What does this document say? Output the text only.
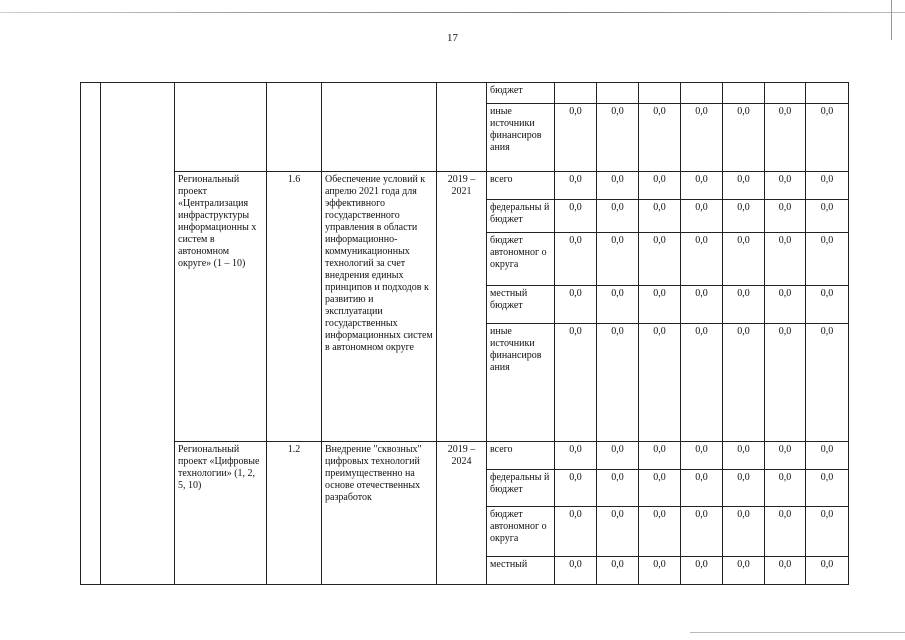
17
						бюджет							
						иные источники финансиров ания	0,0	0,0	0,0	0,0	0,0	0,0	0,0
		Региональный проект «Централизация инфраструктуры информационны х систем в автономном округе» (1 – 10)	1.6	Обеспечение условий к апрелю 2021 года для эффективного государственного управления в области информационно-коммуникационных технологий за счет внедрения единых принципов и подходов к развитию и эксплуатации государственных информационных систем в автономном округе	2019 – 2021	всего	0,0	0,0	0,0	0,0	0,0	0,0	0,0
						федеральны й бюджет	0,0	0,0	0,0	0,0	0,0	0,0	0,0
						бюджет автономног о округа	0,0	0,0	0,0	0,0	0,0	0,0	0,0
						местный бюджет	0,0	0,0	0,0	0,0	0,0	0,0	0,0
						иные источники финансиров ания	0,0	0,0	0,0	0,0	0,0	0,0	0,0
		Региональный проект «Цифровые технологии» (1, 2, 5, 10)	1.2	Внедрение "сквозных" цифровых технологий преимущественно на основе отечественных разработок	2019 – 2024	всего	0,0	0,0	0,0	0,0	0,0	0,0	0,0
						федеральны й бюджет	0,0	0,0	0,0	0,0	0,0	0,0	0,0
						бюджет автономног о округа	0,0	0,0	0,0	0,0	0,0	0,0	0,0
						местный	0,0	0,0	0,0	0,0	0,0	0,0	0,0
